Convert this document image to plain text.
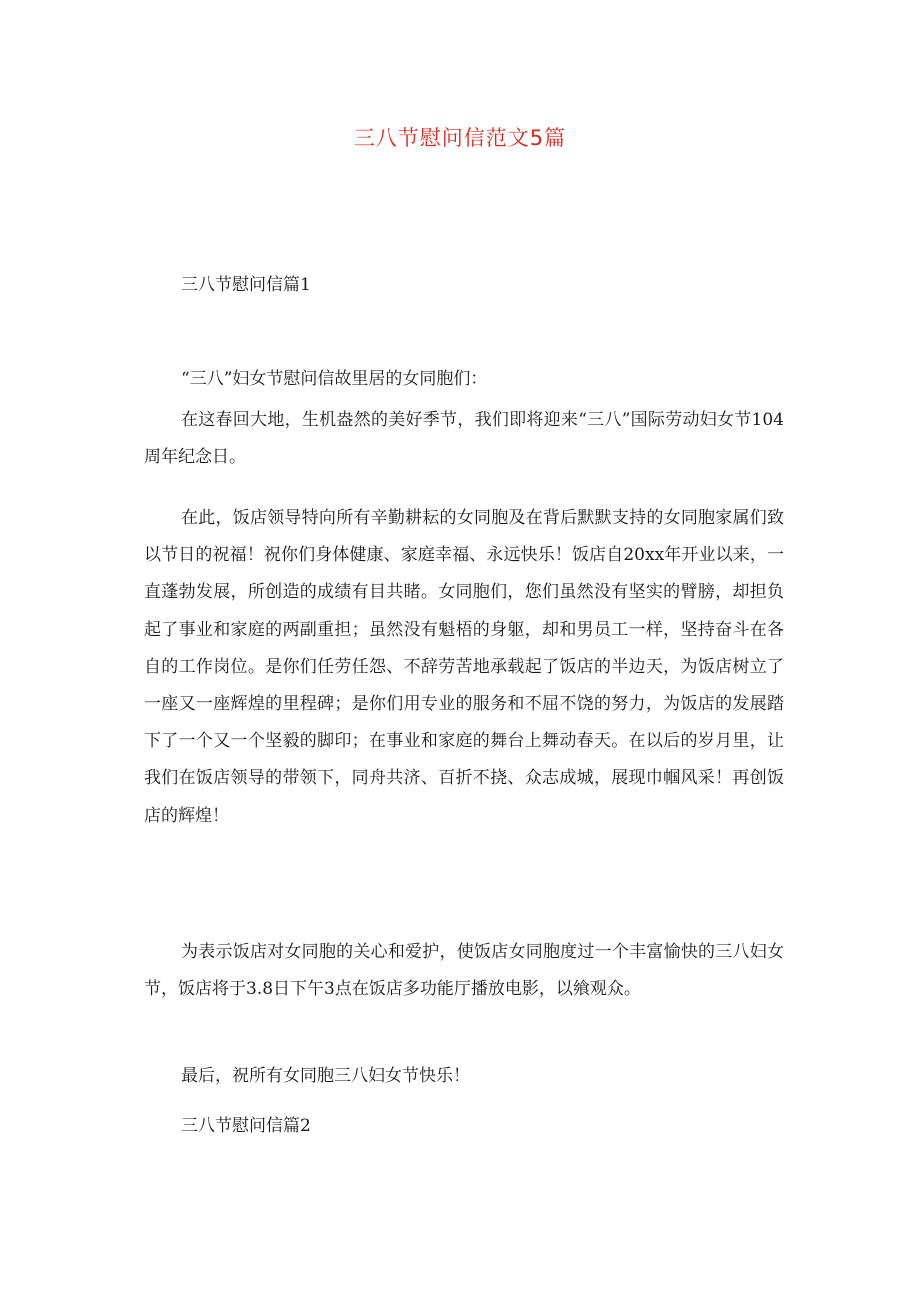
三八节慰问信范文5篇
三八节慰问信篇1

“三八”妇女节慰问信故里居的女同胞们：

在这春回大地，生机盎然的美好季节，我们即将迎来“三八”国际劳动妇女节104周年纪念日。

在此，饭店领导特向所有辛勤耕耘的女同胞及在背后默默支持的女同胞家属们致以节日的祝福！祝你们身体健康、家庭幸福、永远快乐！饭店自20xx年开业以来，一直蓬勃发展，所创造的成绩有目共睹。女同胞们，您们虽然没有坚实的臂膀，却担负起了事业和家庭的两副重担；虽然没有魁梧的身躯，却和男员工一样，坚持奋斗在各自的工作岗位。是你们任劳任怨、不辞劳苦地承载起了饭店的半边天，为饭店树立了一座又一座辉煌的里程碑；是你们用专业的服务和不屈不饶的努力，为饭店的发展踏下了一个又一个坚毅的脚印；在事业和家庭的舞台上舞动春天。在以后的岁月里，让我们在饭店领导的带领下，同舟共济、百折不挠、众志成城，展现巾帼风采！再创饭店的辉煌！

为表示饭店对女同胞的关心和爱护，使饭店女同胞度过一个丰富愉快的三八妇女节，饭店将于3.8日下午3点在饭店多功能厅播放电影，以飨观众。

最后，祝所有女同胞三八妇女节快乐！

三八节慰问信篇2
